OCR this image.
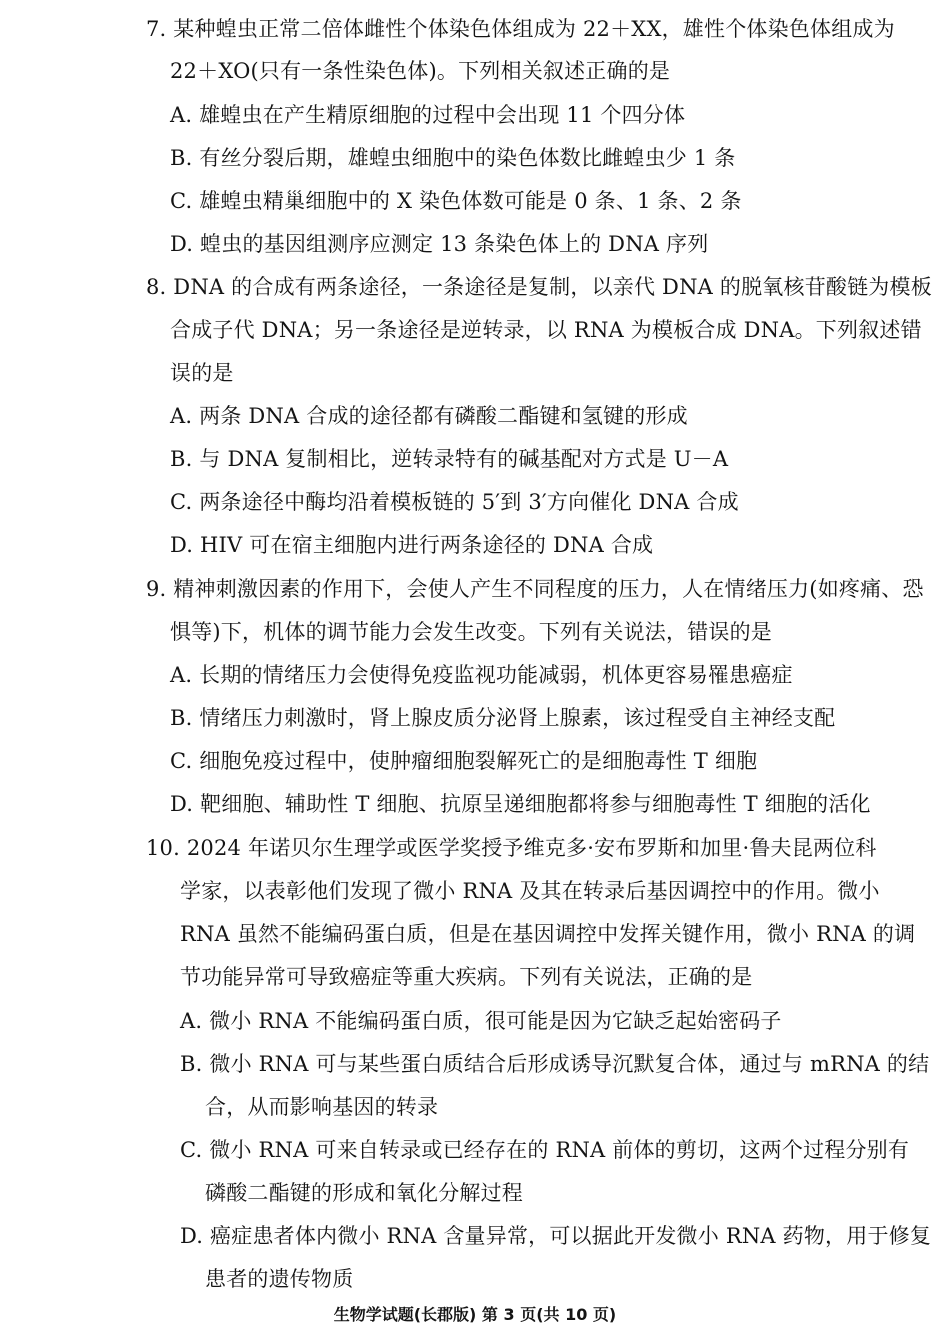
7. 某种蝗虫正常二倍体雌性个体染色体组成为 22＋XX，雄性个体染色体组成为
22＋XO(只有一条性染色体)。下列相关叙述正确的是
A. 雄蝗虫在产生精原细胞的过程中会出现 11 个四分体
B. 有丝分裂后期，雄蝗虫细胞中的染色体数比雌蝗虫少 1 条
C. 雄蝗虫精巢细胞中的 X 染色体数可能是 0 条、1 条、2 条
D. 蝗虫的基因组测序应测定 13 条染色体上的 DNA 序列
8. DNA 的合成有两条途径，一条途径是复制，以亲代 DNA 的脱氧核苷酸链为模板
合成子代 DNA；另一条途径是逆转录，以 RNA 为模板合成 DNA。下列叙述错
误的是
A. 两条 DNA 合成的途径都有磷酸二酯键和氢键的形成
B. 与 DNA 复制相比，逆转录特有的碱基配对方式是 U－A
C. 两条途径中酶均沿着模板链的 5′到 3′方向催化 DNA 合成
D. HIV 可在宿主细胞内进行两条途径的 DNA 合成
9. 精神刺激因素的作用下，会使人产生不同程度的压力，人在情绪压力(如疼痛、恐
惧等)下，机体的调节能力会发生改变。下列有关说法，错误的是
A. 长期的情绪压力会使得免疫监视功能减弱，机体更容易罹患癌症
B. 情绪压力刺激时，肾上腺皮质分泌肾上腺素，该过程受自主神经支配
C. 细胞免疫过程中，使肿瘤细胞裂解死亡的是细胞毒性 T 细胞
D. 靶细胞、辅助性 T 细胞、抗原呈递细胞都将参与细胞毒性 T 细胞的活化
10. 2024 年诺贝尔生理学或医学奖授予维克多·安布罗斯和加里·鲁夫昆两位科
学家，以表彰他们发现了微小 RNA 及其在转录后基因调控中的作用。微小
RNA 虽然不能编码蛋白质，但是在基因调控中发挥关键作用，微小 RNA 的调
节功能异常可导致癌症等重大疾病。下列有关说法，正确的是
A. 微小 RNA 不能编码蛋白质，很可能是因为它缺乏起始密码子
B. 微小 RNA 可与某些蛋白质结合后形成诱导沉默复合体，通过与 mRNA 的结
合，从而影响基因的转录
C. 微小 RNA 可来自转录或已经存在的 RNA 前体的剪切，这两个过程分别有
磷酸二酯键的形成和氧化分解过程
D. 癌症患者体内微小 RNA 含量异常，可以据此开发微小 RNA 药物，用于修复
患者的遗传物质
生物学试题(长郡版) 第 3 页(共 10 页)
